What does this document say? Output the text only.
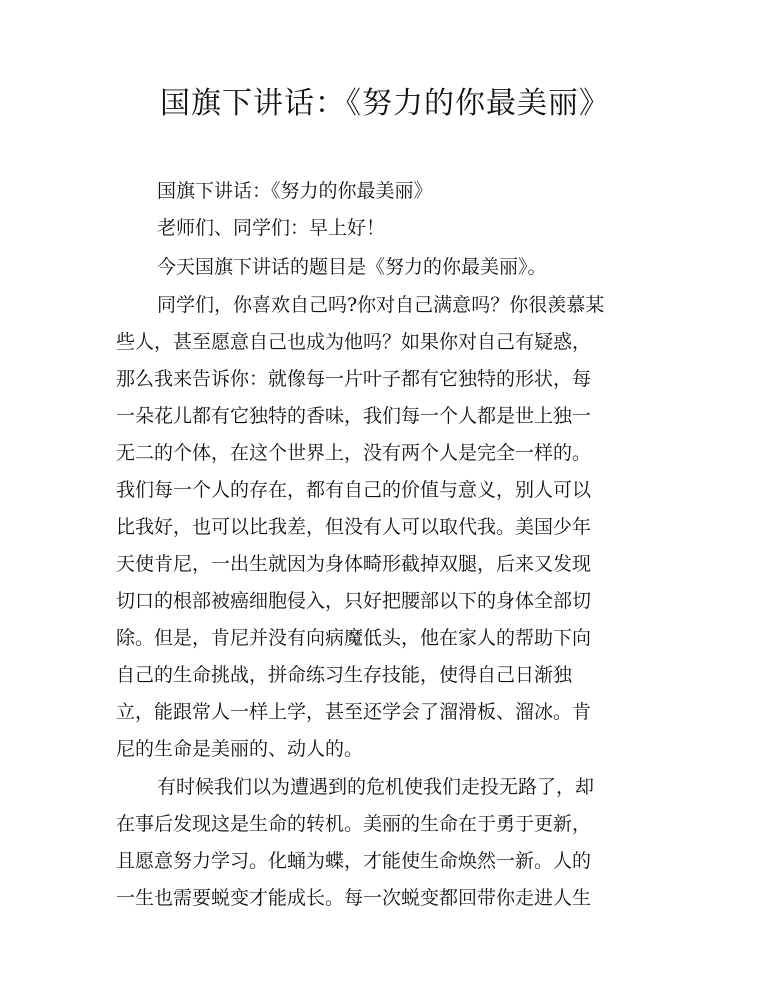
国旗下讲话：《努力的你最美丽》

国旗下讲话：《努力的你最美丽》

老师们、同学们：早上好！

今天国旗下讲话的题目是《努力的你最美丽》。

同学们，你喜欢自己吗?你对自己满意吗？你很羡慕某

些人，甚至愿意自己也成为他吗？如果你对自己有疑惑，

那么我来告诉你：就像每一片叶子都有它独特的形状，每

一朵花儿都有它独特的香味，我们每一个人都是世上独一

无二的个体，在这个世界上，没有两个人是完全一样的。

我们每一个人的存在，都有自己的价值与意义，别人可以

比我好，也可以比我差，但没有人可以取代我。美国少年

天使肯尼，一出生就因为身体畸形截掉双腿，后来又发现

切口的根部被癌细胞侵入，只好把腰部以下的身体全部切

除。但是，肯尼并没有向病魔低头，他在家人的帮助下向

自己的生命挑战，拼命练习生存技能，使得自己日渐独

立，能跟常人一样上学，甚至还学会了溜滑板、溜冰。肯

尼的生命是美丽的、动人的。

有时候我们以为遭遇到的危机使我们走投无路了，却

在事后发现这是生命的转机。美丽的生命在于勇于更新，

且愿意努力学习。化蛹为蝶，才能使生命焕然一新。人的

一生也需要蜕变才能成长。每一次蜕变都回带你走进人生
